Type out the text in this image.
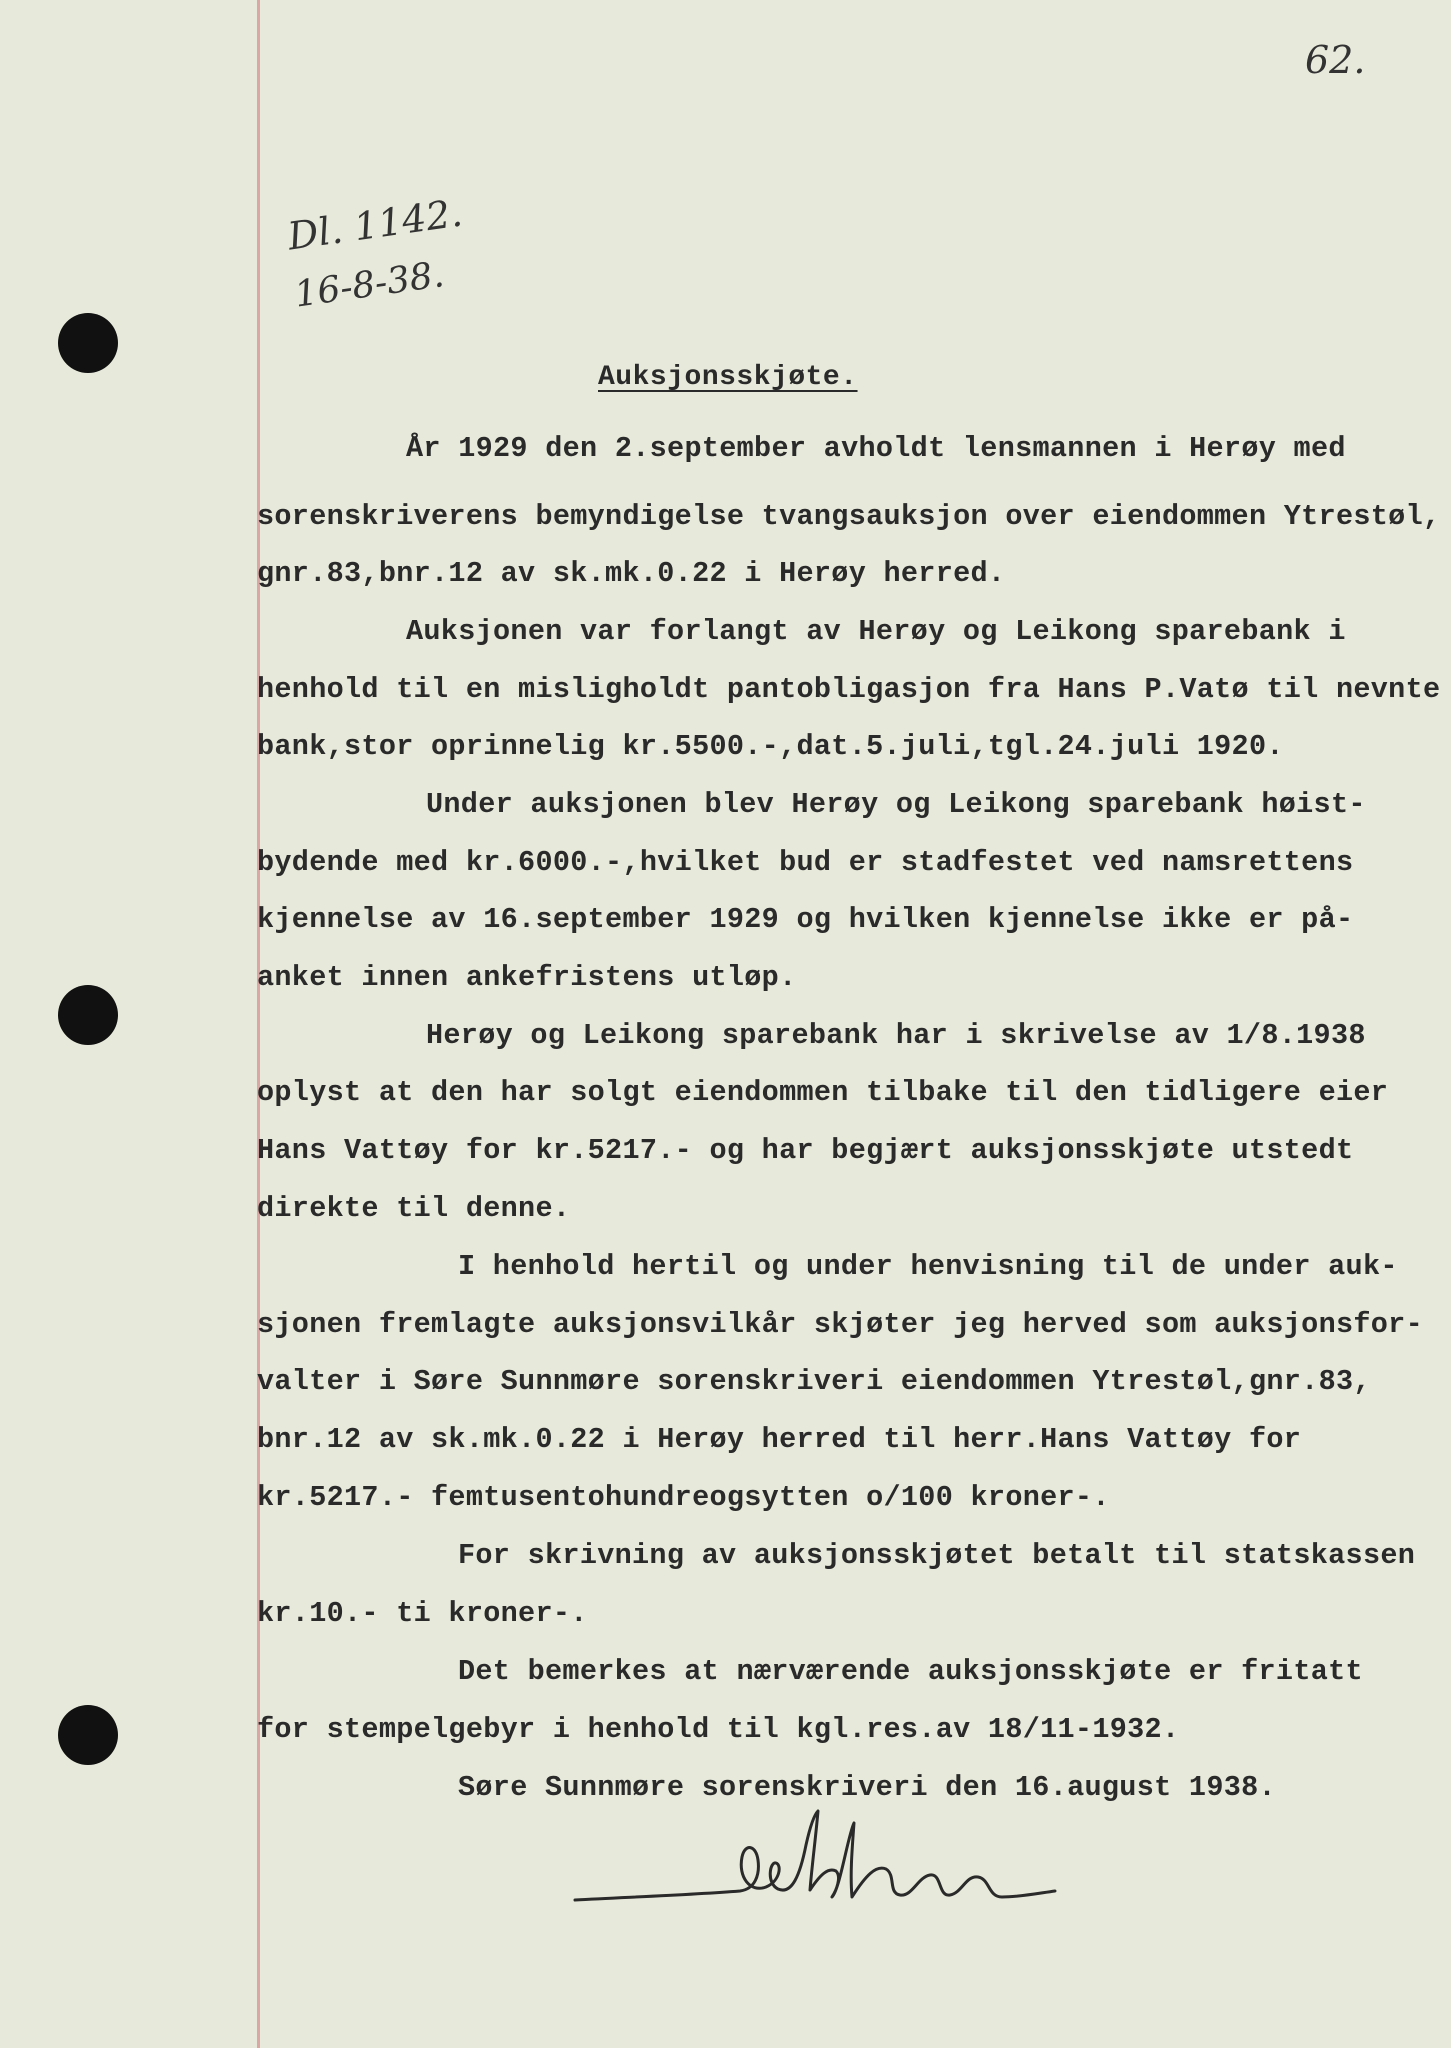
62.
Dl. 1142.
16-8-38.
Auksjonsskjøte.
År 1929 den 2.september avholdt lensmannen i Herøy med
sorenskriverens bemyndigelse tvangsauksjon over eiendommen Ytrestøl,
gnr.83,bnr.12 av sk.mk.0.22 i Herøy herred.
Auksjonen var forlangt av Herøy og Leikong sparebank i
henhold til en misligholdt pantobligasjon fra Hans P.Vatø til nevnte
bank,stor oprinnelig kr.5500.-,dat.5.juli,tgl.24.juli 1920.
Under auksjonen blev Herøy og Leikong sparebank høist-
bydende med kr.6000.-,hvilket bud er stadfestet ved namsrettens
kjennelse av 16.september 1929 og hvilken kjennelse ikke er på-
anket innen ankefristens utløp.
Herøy og Leikong sparebank har i skrivelse av 1/8.1938
oplyst at den har solgt eiendommen tilbake til den tidligere eier
Hans Vattøy for kr.5217.- og har begjært auksjonsskjøte utstedt
direkte til denne.
I henhold hertil og under henvisning til de under auk-
sjonen fremlagte auksjonsvilkår skjøter jeg herved som auksjonsfor-
valter i Søre Sunnmøre sorenskriveri eiendommen Ytrestøl,gnr.83,
bnr.12 av sk.mk.0.22 i Herøy herred til herr.Hans Vattøy for
kr.5217.- femtusentohundreogsytten o/100 kroner-.
For skrivning av auksjonsskjøtet betalt til statskassen
kr.10.- ti kroner-.
Det bemerkes at nærværende auksjonsskjøte er fritatt
for stempelgebyr i henhold til kgl.res.av 18/11-1932.
Søre Sunnmøre sorenskriveri den 16.august 1938.
